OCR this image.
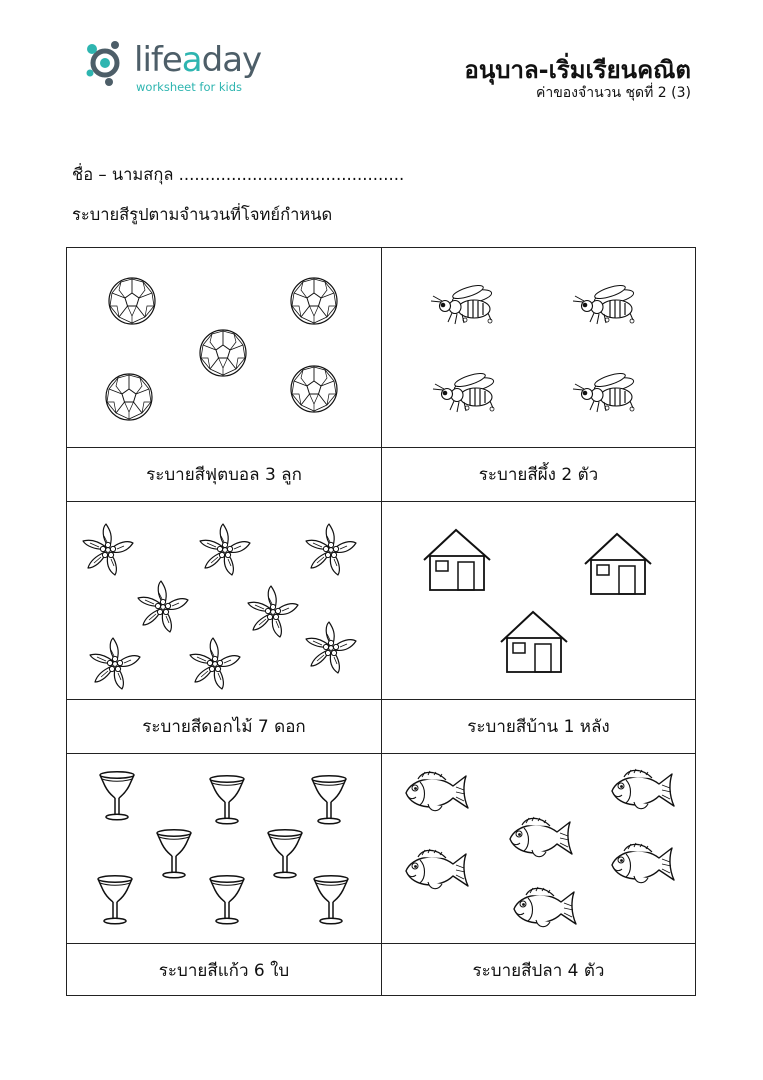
lifeaday
worksheet for kids
อนุบาล-เริ่มเรียนคณิต
ค่าของจำนวน ชุดที่ 2 (3)
ชื่อ – นามสกุล ...........................................
ระบายสีรูปตามจำนวนที่โจทย์กำหนด
ระบายสีฟุตบอล 3 ลูก	ระบายสีผึ้ง 2 ตัว
ระบายสีดอกไม้ 7 ดอก	ระบายสีบ้าน 1 หลัง
ระบายสีแก้ว 6 ใบ	ระบายสีปลา 4 ตัว
